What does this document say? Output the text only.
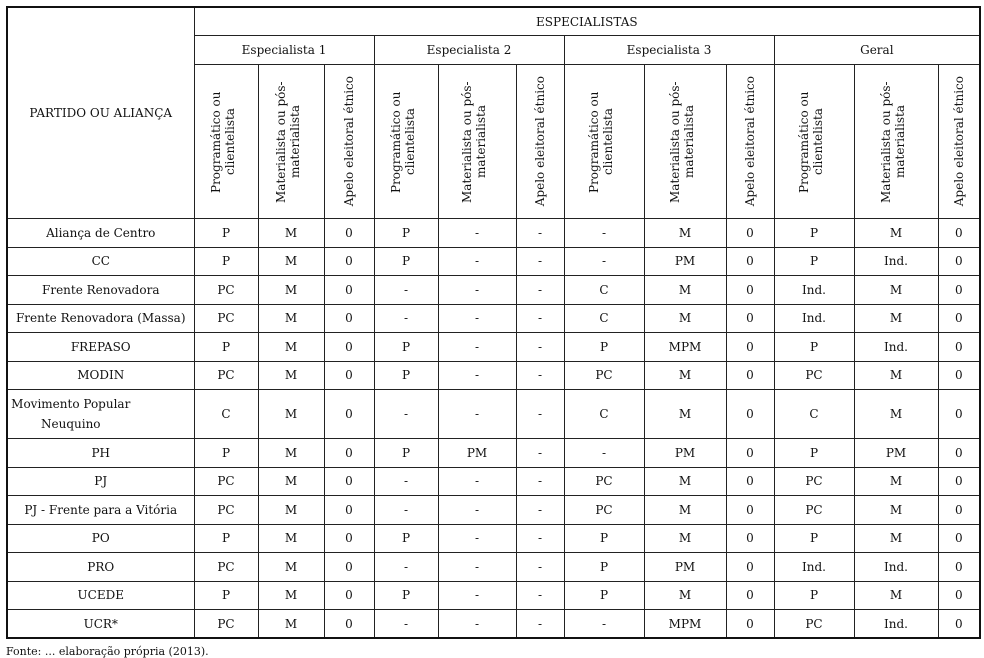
PARTIDO OU ALIANÇA	ESPECIALISTAS											
	Especialista 1			Especialista 2			Especialista 3			Geral		

	Programático ou clientelista	Materialista ou pós-materialista	Apelo eleitoral étnico	Programático ou clientelista	Materialista ou pós-materialista	Apelo eleitoral étnico	Programático ou clientelista	Materialista ou pós-materialista	Apelo eleitoral étnico	Programático ou clientelista	Materialista ou pós-materialista	Apelo eleitoral étnico

Aliança de Centro	P	M	0	P	-	-	-	M	0	P	M	0
CC	P	M	0	P	-	-	-	PM	0	P	Ind.	0
Frente Renovadora	PC	M	0	-	-	-	C	M	0	Ind.	M	0
Frente Renovadora (Massa)	PC	M	0	-	-	-	C	M	0	Ind.	M	0
FREPASO	P	M	0	P	-	-	P	MPM	0	P	Ind.	0
MODIN	PC	M	0	P	-	-	PC	M	0	PC	M	0
Movimento Popular Neuquino	C	M	0	-	-	-	C	M	0	C	M	0
PH	P	M	0	P	PM	-	-	PM	0	P	PM	0
PJ	PC	M	0	-	-	-	PC	M	0	PC	M	0
PJ - Frente para a Vitória	PC	M	0	-	-	-	PC	M	0	PC	M	0
PO	P	M	0	P	-	-	P	M	0	P	M	0
PRO	PC	M	0	-	-	-	P	PM	0	Ind.	Ind.	0
UCEDE	P	M	0	P	-	-	P	M	0	P	M	0
UCR*	PC	M	0	-	-	-	-	MPM	0	PC	Ind.	0
Fonte: ... elaboração própria (2013).
